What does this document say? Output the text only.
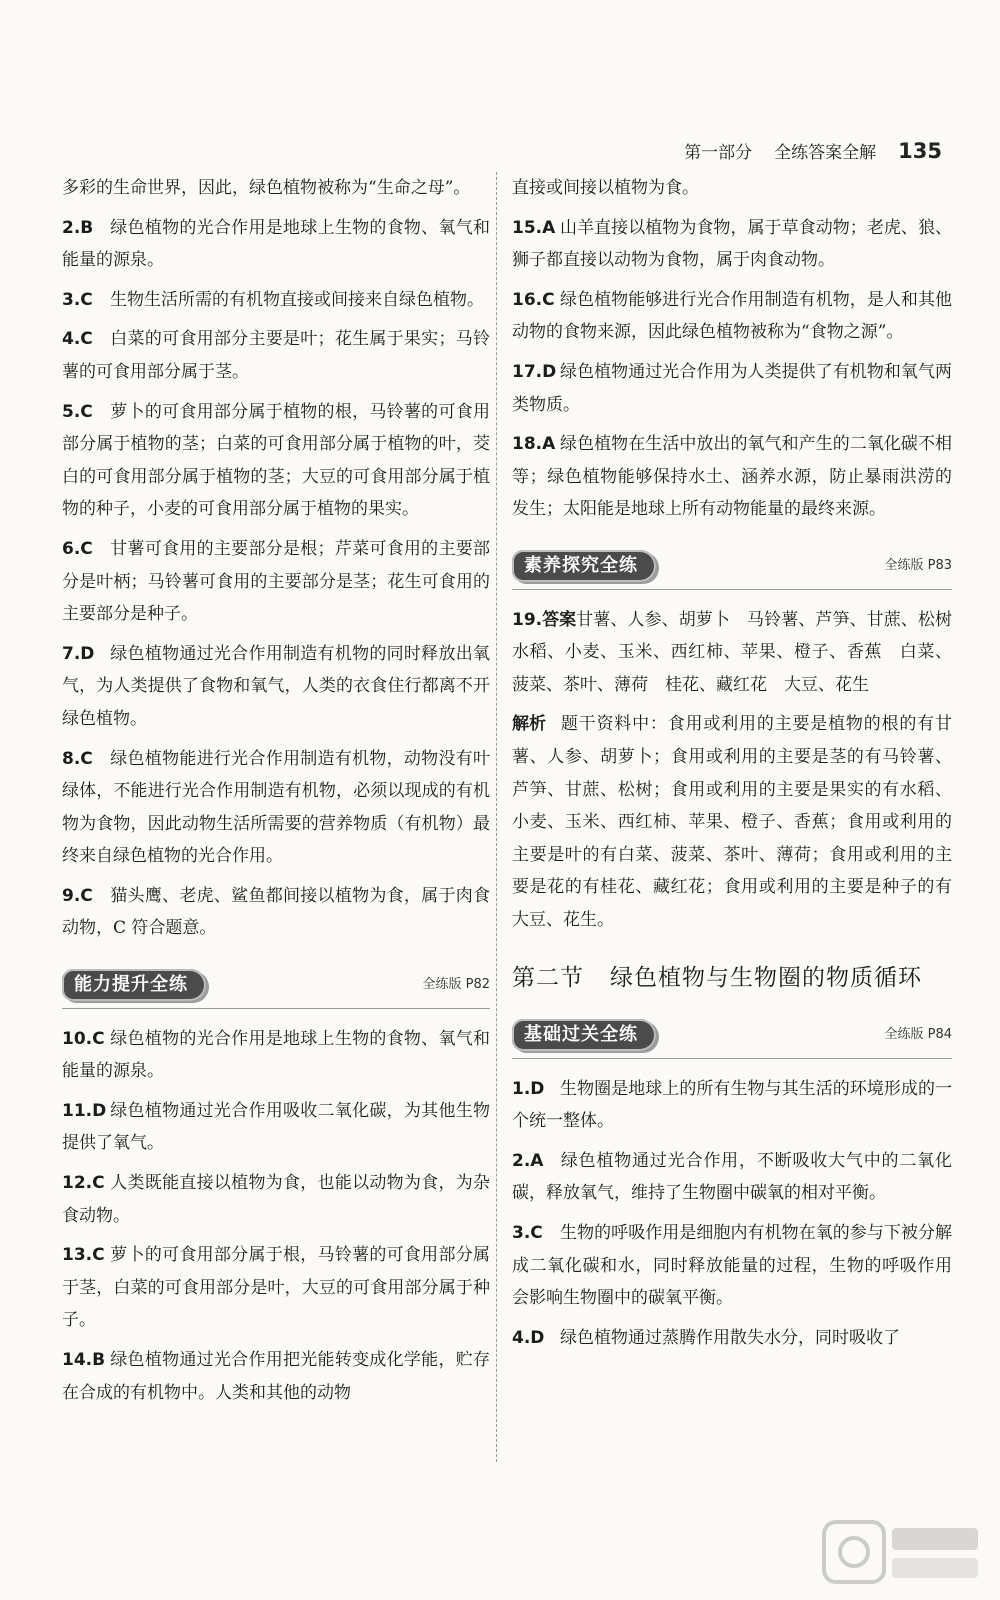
第一部分 全练答案全解 135
多彩的生命世界，因此，绿色植物被称为“生命之母”。
2.B 绿色植物的光合作用是地球上生物的食物、氧气和能量的源泉。
3.C 生物生活所需的有机物直接或间接来自绿色植物。
4.C 白菜的可食用部分主要是叶；花生属于果实；马铃薯的可食用部分属于茎。
5.C 萝卜的可食用部分属于植物的根，马铃薯的可食用部分属于植物的茎；白菜的可食用部分属于植物的叶，茭白的可食用部分属于植物的茎；大豆的可食用部分属于植物的种子，小麦的可食用部分属于植物的果实。
6.C 甘薯可食用的主要部分是根；芹菜可食用的主要部分是叶柄；马铃薯可食用的主要部分是茎；花生可食用的主要部分是种子。
7.D 绿色植物通过光合作用制造有机物的同时释放出氧气，为人类提供了食物和氧气，人类的衣食住行都离不开绿色植物。
8.C 绿色植物能进行光合作用制造有机物，动物没有叶绿体，不能进行光合作用制造有机物，必须以现成的有机物为食物，因此动物生活所需要的营养物质（有机物）最终来自绿色植物的光合作用。
9.C 猫头鹰、老虎、鲨鱼都间接以植物为食，属于肉食动物，C 符合题意。
能力提升全练	全练版 P82
10.C 绿色植物的光合作用是地球上生物的食物、氧气和能量的源泉。
11.D 绿色植物通过光合作用吸收二氧化碳，为其他生物提供了氧气。
12.C 人类既能直接以植物为食，也能以动物为食，为杂食动物。
13.C 萝卜的可食用部分属于根，马铃薯的可食用部分属于茎，白菜的可食用部分是叶，大豆的可食用部分属于种子。
14.B 绿色植物通过光合作用把光能转变成化学能，贮存在合成的有机物中。人类和其他的动物
直接或间接以植物为食。
15.A 山羊直接以植物为食物，属于草食动物；老虎、狼、狮子都直接以动物为食物，属于肉食动物。
16.C 绿色植物能够进行光合作用制造有机物，是人和其他动物的食物来源，因此绿色植物被称为“食物之源”。
17.D 绿色植物通过光合作用为人类提供了有机物和氧气两类物质。
18.A 绿色植物在生活中放出的氧气和产生的二氧化碳不相等；绿色植物能够保持水土、涵养水源，防止暴雨洪涝的发生；太阳能是地球上所有动物能量的最终来源。
素养探究全练	全练版 P83
19.答案甘薯、人参、胡萝卜　马铃薯、芦笋、甘蔗、松树　水稻、小麦、玉米、西红柿、苹果、橙子、香蕉　白菜、菠菜、茶叶、薄荷　桂花、藏红花　大豆、花生
解析 题干资料中：食用或利用的主要是植物的根的有甘薯、人参、胡萝卜；食用或利用的主要是茎的有马铃薯、芦笋、甘蔗、松树；食用或利用的主要是果实的有水稻、小麦、玉米、西红柿、苹果、橙子、香蕉；食用或利用的主要是叶的有白菜、菠菜、茶叶、薄荷；食用或利用的主要是花的有桂花、藏红花；食用或利用的主要是种子的有大豆、花生。
第二节 绿色植物与生物圈的物质循环
基础过关全练	全练版 P84
1.D 生物圈是地球上的所有生物与其生活的环境形成的一个统一整体。
2.A 绿色植物通过光合作用，不断吸收大气中的二氧化碳，释放氧气，维持了生物圈中碳氧的相对平衡。
3.C 生物的呼吸作用是细胞内有机物在氧的参与下被分解成二氧化碳和水，同时释放能量的过程，生物的呼吸作用会影响生物圈中的碳氧平衡。
4.D 绿色植物通过蒸腾作用散失水分，同时吸收了
